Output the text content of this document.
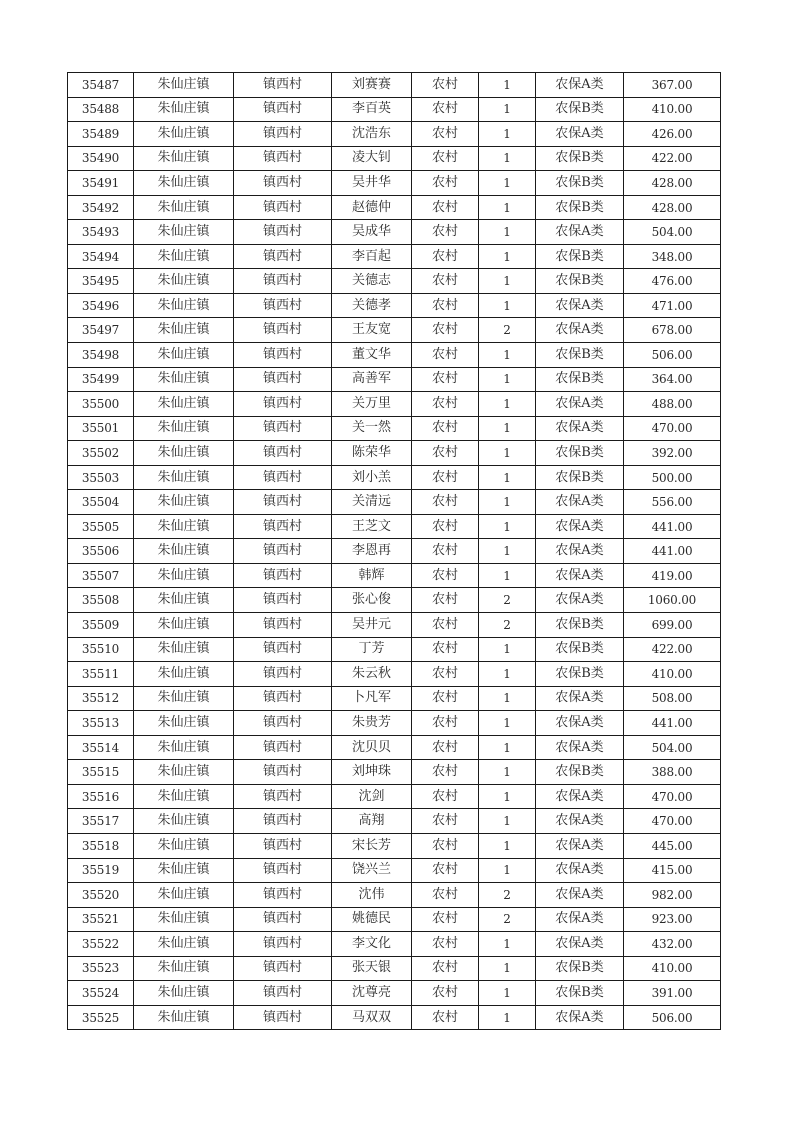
35487	朱仙庄镇	镇西村	刘赛赛	农村	1	农保A类	367.00
35488	朱仙庄镇	镇西村	李百英	农村	1	农保B类	410.00
35489	朱仙庄镇	镇西村	沈浩东	农村	1	农保A类	426.00
35490	朱仙庄镇	镇西村	凌大钊	农村	1	农保B类	422.00
35491	朱仙庄镇	镇西村	吴井华	农村	1	农保B类	428.00
35492	朱仙庄镇	镇西村	赵德仲	农村	1	农保B类	428.00
35493	朱仙庄镇	镇西村	吴成华	农村	1	农保A类	504.00
35494	朱仙庄镇	镇西村	李百起	农村	1	农保B类	348.00
35495	朱仙庄镇	镇西村	关德志	农村	1	农保B类	476.00
35496	朱仙庄镇	镇西村	关德孝	农村	1	农保A类	471.00
35497	朱仙庄镇	镇西村	王友宽	农村	2	农保A类	678.00
35498	朱仙庄镇	镇西村	董文华	农村	1	农保B类	506.00
35499	朱仙庄镇	镇西村	高善军	农村	1	农保B类	364.00
35500	朱仙庄镇	镇西村	关万里	农村	1	农保A类	488.00
35501	朱仙庄镇	镇西村	关一然	农村	1	农保A类	470.00
35502	朱仙庄镇	镇西村	陈荣华	农村	1	农保B类	392.00
35503	朱仙庄镇	镇西村	刘小羔	农村	1	农保B类	500.00
35504	朱仙庄镇	镇西村	关清远	农村	1	农保A类	556.00
35505	朱仙庄镇	镇西村	王芝文	农村	1	农保A类	441.00
35506	朱仙庄镇	镇西村	李恩再	农村	1	农保A类	441.00
35507	朱仙庄镇	镇西村	韩辉	农村	1	农保A类	419.00
35508	朱仙庄镇	镇西村	张心俊	农村	2	农保A类	1060.00
35509	朱仙庄镇	镇西村	吴井元	农村	2	农保B类	699.00
35510	朱仙庄镇	镇西村	丁芳	农村	1	农保B类	422.00
35511	朱仙庄镇	镇西村	朱云秋	农村	1	农保B类	410.00
35512	朱仙庄镇	镇西村	卜凡军	农村	1	农保A类	508.00
35513	朱仙庄镇	镇西村	朱贵芳	农村	1	农保A类	441.00
35514	朱仙庄镇	镇西村	沈贝贝	农村	1	农保A类	504.00
35515	朱仙庄镇	镇西村	刘坤珠	农村	1	农保B类	388.00
35516	朱仙庄镇	镇西村	沈剑	农村	1	农保A类	470.00
35517	朱仙庄镇	镇西村	高翔	农村	1	农保A类	470.00
35518	朱仙庄镇	镇西村	宋长芳	农村	1	农保A类	445.00
35519	朱仙庄镇	镇西村	饶兴兰	农村	1	农保A类	415.00
35520	朱仙庄镇	镇西村	沈伟	农村	2	农保A类	982.00
35521	朱仙庄镇	镇西村	姚德民	农村	2	农保A类	923.00
35522	朱仙庄镇	镇西村	李文化	农村	1	农保A类	432.00
35523	朱仙庄镇	镇西村	张天银	农村	1	农保B类	410.00
35524	朱仙庄镇	镇西村	沈尊亮	农村	1	农保B类	391.00
35525	朱仙庄镇	镇西村	马双双	农村	1	农保A类	506.00
